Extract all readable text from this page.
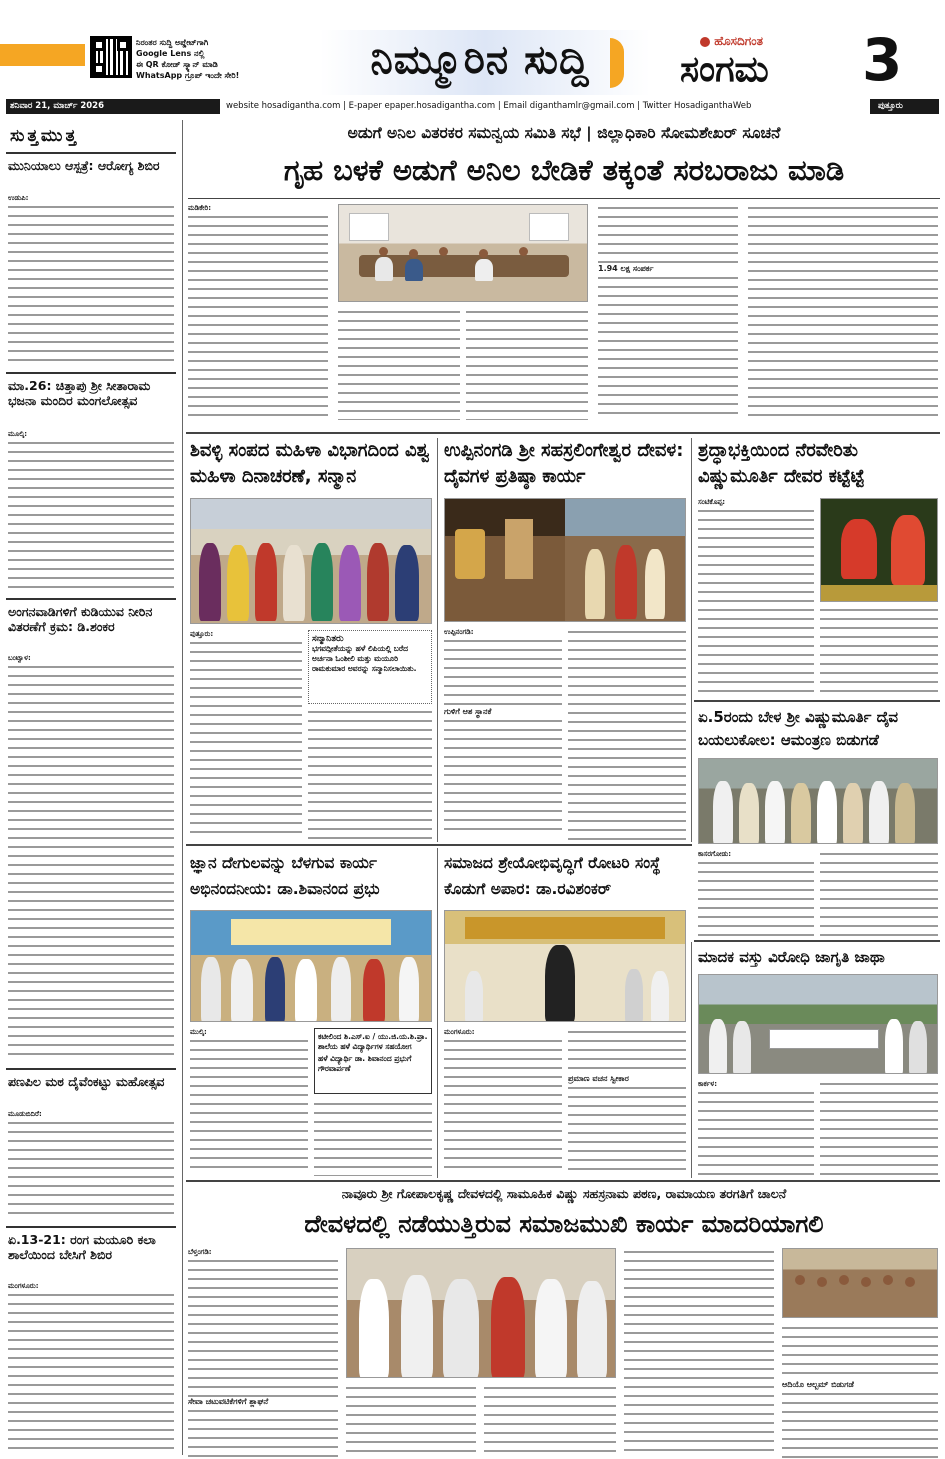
ನಿರಂತರ ಸುದ್ದಿ ಅಪ್ಡೇಟ್‌ಗಾಗಿ
Google Lens ನಲ್ಲಿ
ಈ QR ಕೋಡ್ ಸ್ಕ್ಯಾನ್ ಮಾಡಿ
WhatsApp ಗ್ರೂಪ್ ಇಂದೇ ಸೇರಿ!	ನಿಮ್ಮೂರಿನ ಸುದ್ದಿ	ಹೊಸದಿಗಂತ
ಸಂಗಮ 3
ಶನಿವಾರ 21, ಮಾರ್ಚ್ 2026	website hosadigantha.com | E-paper epaper.hosadigantha.com | Email diganthamlr@gmail.com | Twitter HosadiganthaWeb	ಪುತ್ತೂರು
ಸುತ್ತಮುತ್ತ
ಮುನಿಯಾಲು ಆಸ್ಪತ್ರೆ: ಆರೋಗ್ಯ ಶಿಬಿರ
ಉಡುಪಿ:
ಮಾ.26: ಚಿತ್ತಾಪು ಶ್ರೀ ಸೀತಾರಾಮ ಭಜನಾ ಮಂದಿರ ಮಂಗಲೋತ್ಸವ
ಮೂಲ್ಕಿ:
ಅಂಗನವಾಡಿಗಳಿಗೆ ಕುಡಿಯುವ ನೀರಿನ ವಿತರಣೆಗೆ ಕ್ರಮ: ಡಿ.ಶಂಕರ
ಬಂಟ್ವಾಳ:
ಪಣಪಿಲ ಮಠ ದೈವೆಂಕಟ್ಟು ಮಹೋತ್ಸವ
ಮೂಡುಬಿದಿರೆ:
ಏ.13-21: ರಂಗ ಮಯೂರಿ ಕಲಾ ಶಾಲೆಯಿಂದ ಬೇಸಿಗೆ ಶಿಬಿರ
ಮಂಗಳೂರು:
ಅಡುಗೆ ಅನಿಲ ವಿತರಕರ ಸಮನ್ವಯ ಸಮಿತಿ ಸಭೆ | ಜಿಲ್ಲಾಧಿಕಾರಿ ಸೋಮಶೇಖರ್ ಸೂಚನೆ
ಗೃಹ ಬಳಕೆ ಅಡುಗೆ ಅನಿಲ ಬೇಡಿಕೆ ತಕ್ಕಂತೆ ಸರಬರಾಜು ಮಾಡಿ
ಮಡಿಕೇರಿ:
1.94 ಲಕ್ಷ ಸಂಪರ್ಕ
ಶಿವಳ್ಳಿ ಸಂಪದ ಮಹಿಳಾ ವಿಭಾಗದಿಂದ ವಿಶ್ವ ಮಹಿಳಾ ದಿನಾಚರಣೆ, ಸನ್ಮಾನ
ಪುತ್ತೂರು:	ಸನ್ಮಾನಿತರು
ಭಗವದ್ಗೀತೆಯನ್ನು ಹಳೆ ಲಿಪಿಯಲ್ಲಿ ಬರೆದ ಅರ್ಚನಾ ಓಂಶೀಲಿ ಮತ್ತು ಮಯೂರಿ ರಾಮಕುಮಾರ ಅವರನ್ನು ಸನ್ಮಾನಿಸಲಾಯಿತು.
ಉಪ್ಪಿನಂಗಡಿ ಶ್ರೀ ಸಹಸ್ರಲಿಂಗೇಶ್ವರ ದೇವಳ: ದೈವಗಳ ಪ್ರತಿಷ್ಠಾ ಕಾರ್ಯ
ಉಪ್ಪಿನಂಗಡಿ:
ಗುಳಿಗೆ ಆಶ ಸ್ಥಾನಕೆ
ಶ್ರದ್ಧಾಭಕ್ತಿಯಿಂದ ನೆರವೇರಿತು ವಿಷ್ಣುಮೂರ್ತಿ ದೇವರ ಕಟ್ಟೆಟ್ಟೆ
ಸಂಟಿಕೊಪ್ಪ:
ಏ.5ರಂದು ಬೇಳ ಶ್ರೀ ವಿಷ್ಣುಮೂರ್ತಿ ದೈವ ಬಯಲುಕೋಲ: ಆಮಂತ್ರಣ ಬಿಡುಗಡೆ
ಕಾಸರಗೋಡು:
ಜ್ಞಾನ ದೇಗುಲವನ್ನು ಬೆಳಗುವ ಕಾರ್ಯ ಅಭಿನಂದನೀಯ: ಡಾ.ಶಿವಾನಂದ ಪ್ರಭು
ಮುಲ್ಕಿ:	ಕಟೀಲಿಂದ ಶಿ.ಎಸ್.ಐ / ಯು.ಜಿ.ಯ.ಶಿ.ಪ್ರಾ. ಶಾಲೆಯ ಹಳೆ ವಿದ್ಯಾರ್ಥಿಗಳ ಸಹಯೋಗ
ಹಳೆ ವಿದ್ಯಾರ್ಥಿ ಡಾ. ಶಿವಾನಂದ ಪ್ರಭುಗೆ ಗೌರವಾರ್ಪಣೆ
ಸಮಾಜದ ಶ್ರೇಯೋಭಿವೃದ್ಧಿಗೆ ರೋಟರಿ ಸಂಸ್ಥೆ ಕೊಡುಗೆ ಅಪಾರ: ಡಾ.ರವಿಶಂಕರ್
ಮಂಗಳೂರು:
ಪ್ರಮಾಣ ವಚನ ಸ್ವೀಕಾರ
ಮಾದಕ ವಸ್ತು ವಿರೋಧಿ ಜಾಗೃತಿ ಜಾಥಾ
ಕಾರ್ಕಳ:
ನಾವೂರು ಶ್ರೀ ಗೋಪಾಲಕೃಷ್ಣ ದೇವಳದಲ್ಲಿ ಸಾಮೂಹಿಕ ವಿಷ್ಣು ಸಹಸ್ರನಾಮ ಪಠಣ, ರಾಮಾಯಣ ತರಗತಿಗೆ ಚಾಲನೆ
ದೇವಳದಲ್ಲಿ ನಡೆಯುತ್ತಿರುವ ಸಮಾಜಮುಖಿ ಕಾರ್ಯ ಮಾದರಿಯಾಗಲಿ
ಬೆಳ್ತಂಗಡಿ:
ಸೇವಾ ಚಟುವಟಿಕೆಗಳಿಗೆ ಶ್ಲಾಘನೆ
ಆದಿಯೊ ಆಲ್ಬಮ್ ಬಿಡುಗಡೆ
